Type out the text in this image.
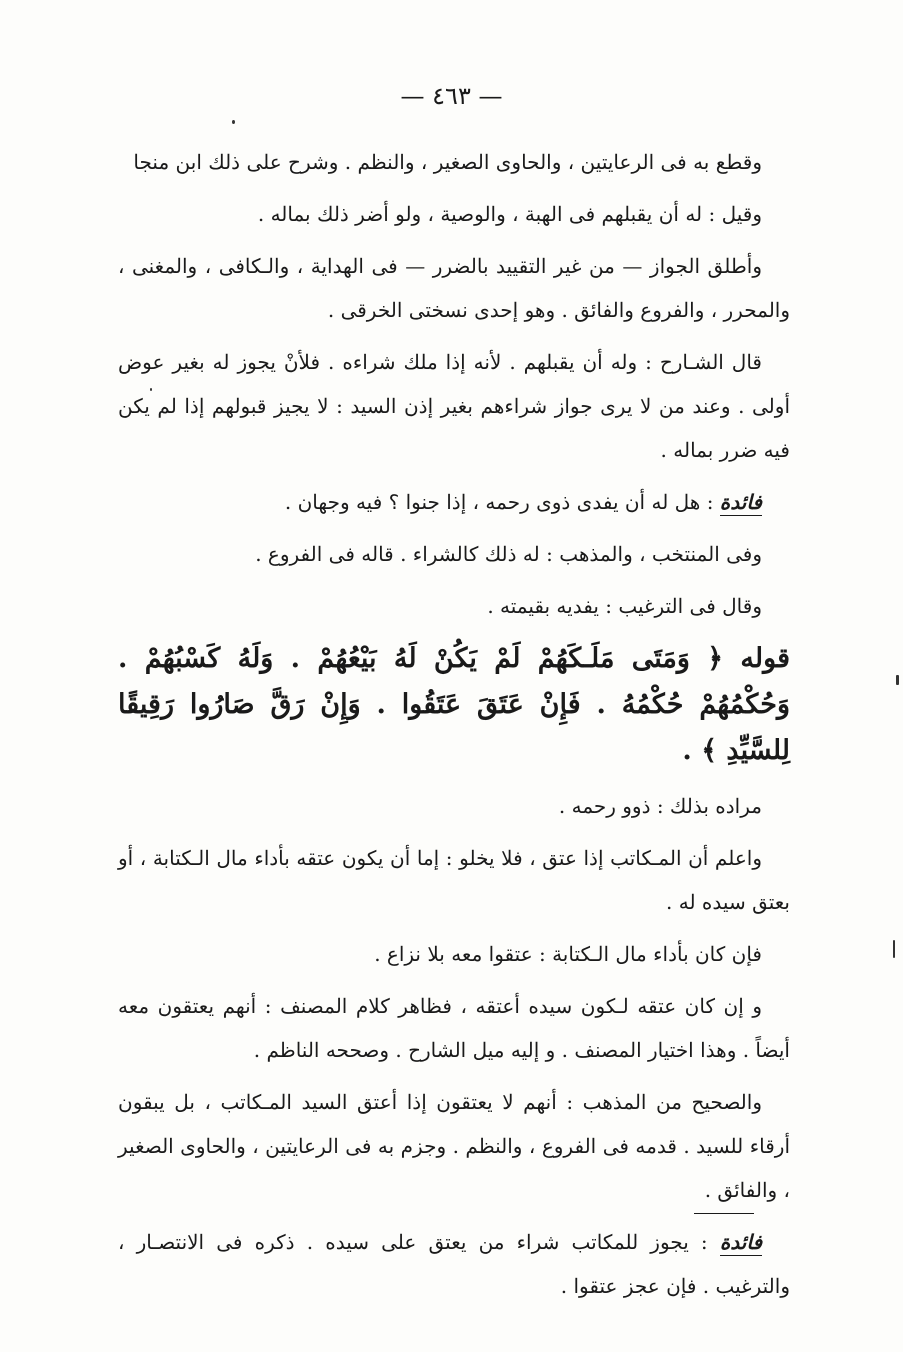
— ٤٦٣ —

وقطع به فى الرعايتين ، والحاوى الصغير ، والنظم . وشرح على ذلك ابن منجا

وقيل : له أن يقبلهم فى الهبة ، والوصية ، ولو أضر ذلك بماله .

وأطلق الجواز — من غير التقييد بالضرر — فى الهداية ، والـكافى ، والمغنى ، والمحرر ، والفروع والفائق . وهو إحدى نسختى الخرقى .

قال الشـارح : وله أن يقبلهم . لأنه إذا ملك شراءه . فلأنْ يجوز له بغير عوض أولى . وعند من لا يرى جواز شراءهم بغير إذن السيد : لا يجيز قبولهم إذا لم يكن فيه ضرر بماله .

فائدة : هل له أن يفدى ذوى رحمه ، إذا جنوا ؟ فيه وجهان .

وفى المنتخب ، والمذهب : له ذلك كالشراء . قاله فى الفروع .

وقال فى الترغيب : يفديه بقيمته .

قوله ﴿ وَمَتَى مَلَـكَهُمْ لَمْ يَكُنْ لَهُ بَيْعُهُمْ . وَلَهُ كَسْبُهُمْ . وَحُكْمُهُمْ حُكْمُهُ . فَإِنْ عَتَقَ عَتَقُوا . وَإِنْ رَقَّ صَارُوا رَقِيقًا لِلسَّيِّدِ ﴾ .

مراده بذلك : ذوو رحمه .

واعلم أن المـكاتب إذا عتق ، فلا يخلو : إما أن يكون عتقه بأداء مال الـكتابة ، أو بعتق سيده له .

فإن كان بأداء مال الـكتابة : عتقوا معه بلا نزاع .

و إن كان عتقه لـكون سيده أعتقه ، فظاهر كلام المصنف : أنهم يعتقون معه أيضاً . وهذا اختيار المصنف . و إليه ميل الشارح . وصححه الناظم .

والصحيح من المذهب : أنهم لا يعتقون إذا أعتق السيد المـكاتب ، بل يبقون أرقاء للسيد . قدمه فى الفروع ، والنظم . وجزم به فى الرعايتين ، والحاوى الصغير ، والفائق .

فائدة : يجوز للمكاتب شراء من يعتق على سيده . ذكره فى الانتصـار ، والترغيب . فإن عجز عتقوا .
